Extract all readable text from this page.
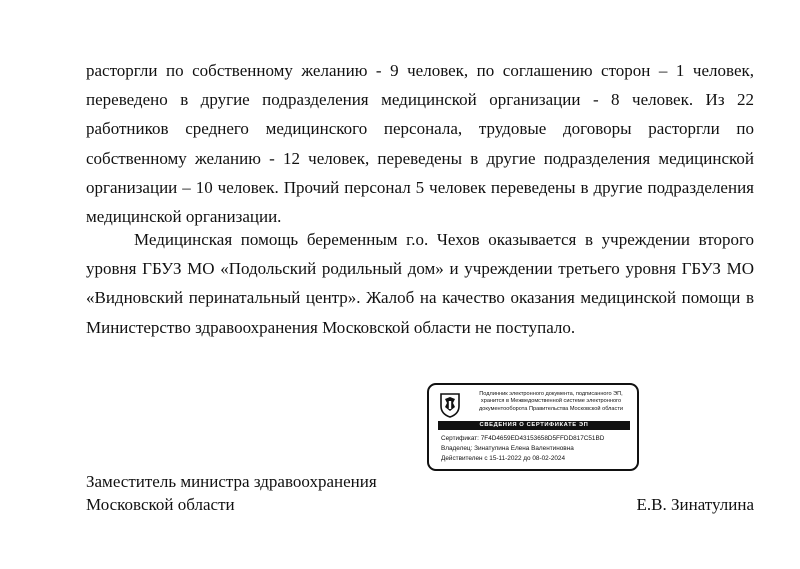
расторгли по собственному желанию - 9 человек, по соглашению сторон – 1 человек, переведено в другие подразделения медицинской организации - 8 человек. Из 22 работников среднего медицинского персонала, трудовые договоры расторгли по собственному желанию - 12 человек, переведены в другие подразделения медицинской организации – 10 человек. Прочий персонал 5 человек переведены в другие подразделения медицинской организации.

Медицинская помощь беременным г.о. Чехов оказывается в учреждении второго уровня ГБУЗ МО «Подольский родильный дом» и учреждении третьего уровня ГБУЗ МО «Видновский перинатальный центр». Жалоб на качество оказания медицинской помощи в Министерство здравоохранения Московской области не поступало.

Подлинник электронного документа, подписанного ЭП, хранится в Межведомственной системе электронного документооборота Правительства Московской области
СВЕДЕНИЯ О СЕРТИФИКАТЕ ЭП
Сертификат: 7F4D4659ED43153658D5FFDD817C51BD
Владелец: Зинатулина Елена Валентиновна
Действителен с 15-11-2022 до 08-02-2024
Заместитель министра здравоохранения
Московской области	Е.В. Зинатулина
